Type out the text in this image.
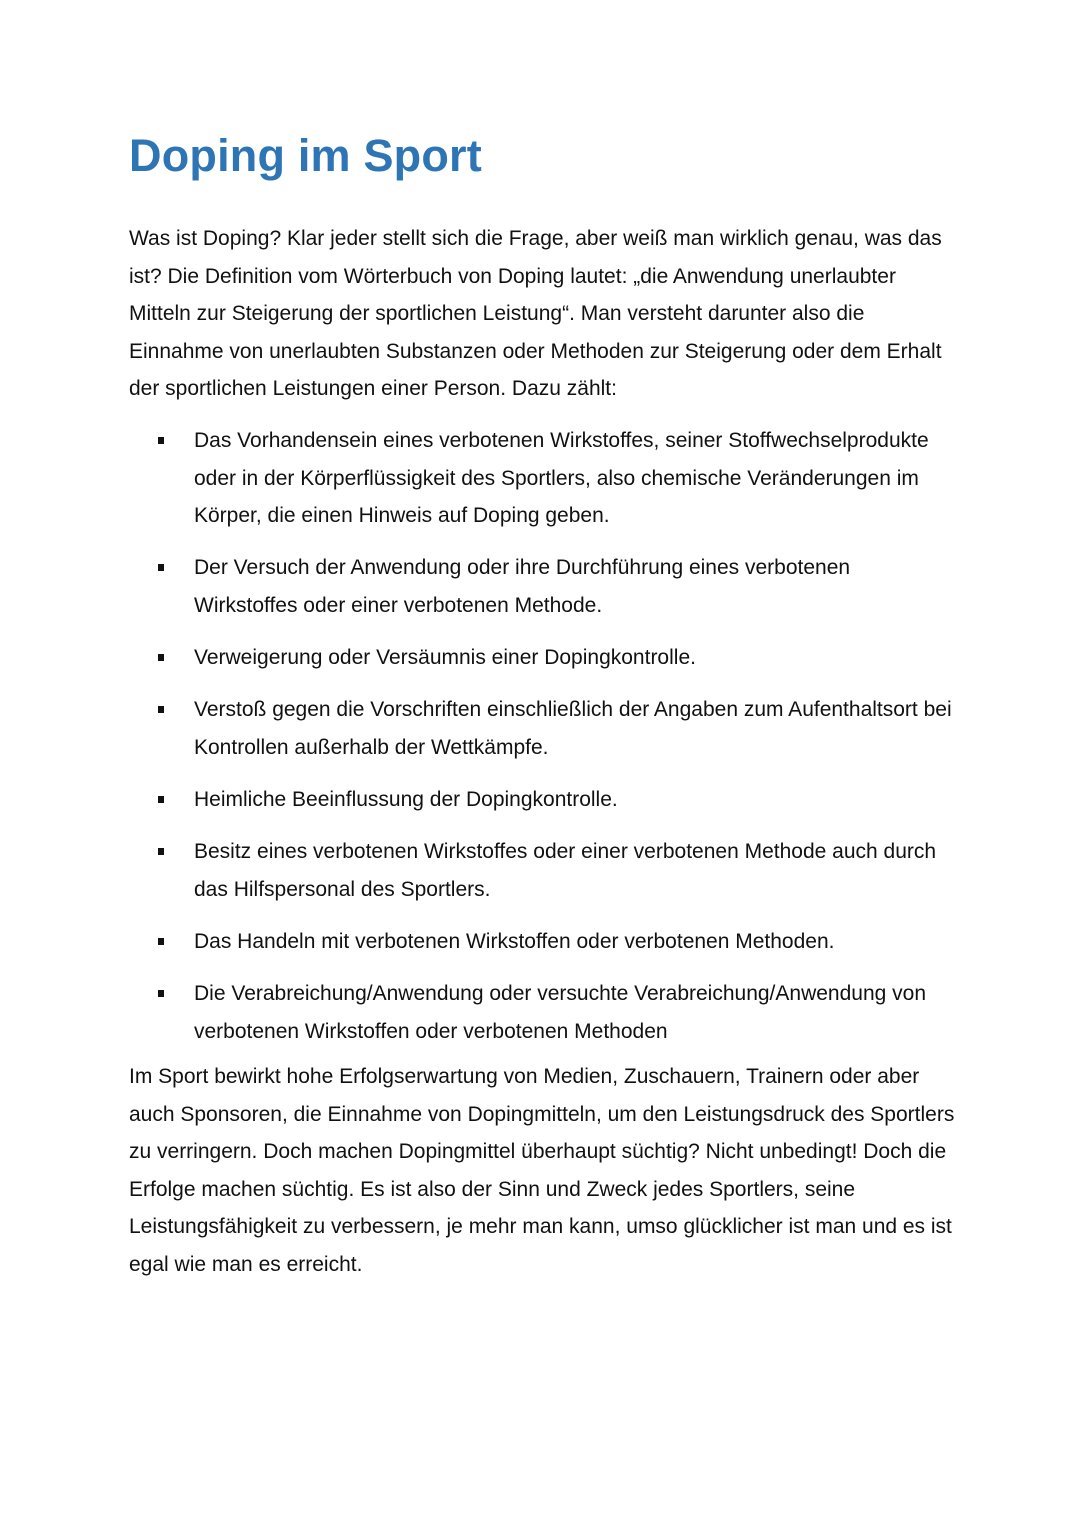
Doping im Sport

Was ist Doping? Klar jeder stellt sich die Frage, aber weiß man wirklich genau, was das ist? Die Definition vom Wörterbuch von Doping lautet: „die Anwendung unerlaubter Mitteln zur Steigerung der sportlichen Leistung“. Man versteht darunter also die Einnahme von unerlaubten Substanzen oder Methoden zur Steigerung oder dem Erhalt der sportlichen Leistungen einer Person. Dazu zählt:

Das Vorhandensein eines verbotenen Wirkstoffes, seiner Stoffwechselprodukte oder in der Körperflüssigkeit des Sportlers, also chemische Veränderungen im Körper, die einen Hinweis auf Doping geben.
Der Versuch der Anwendung oder ihre Durchführung eines verbotenen Wirkstoffes oder einer verbotenen Methode.
Verweigerung oder Versäumnis einer Dopingkontrolle.
Verstoß gegen die Vorschriften einschließlich der Angaben zum Aufenthaltsort bei Kontrollen außerhalb der Wettkämpfe.
Heimliche Beeinflussung der Dopingkontrolle.
Besitz eines verbotenen Wirkstoffes oder einer verbotenen Methode auch durch das Hilfspersonal des Sportlers.
Das Handeln mit verbotenen Wirkstoffen oder verbotenen Methoden.
Die Verabreichung/Anwendung oder versuchte Verabreichung/Anwendung von verbotenen Wirkstoffen oder verbotenen Methoden

Im Sport bewirkt hohe Erfolgserwartung von Medien, Zuschauern, Trainern oder aber auch Sponsoren, die Einnahme von Dopingmitteln, um den Leistungsdruck des Sportlers zu verringern. Doch machen Dopingmittel überhaupt süchtig? Nicht unbedingt! Doch die Erfolge machen süchtig. Es ist also der Sinn und Zweck jedes Sportlers, seine Leistungsfähigkeit zu verbessern, je mehr man kann, umso glücklicher ist man und es ist egal wie man es erreicht.
